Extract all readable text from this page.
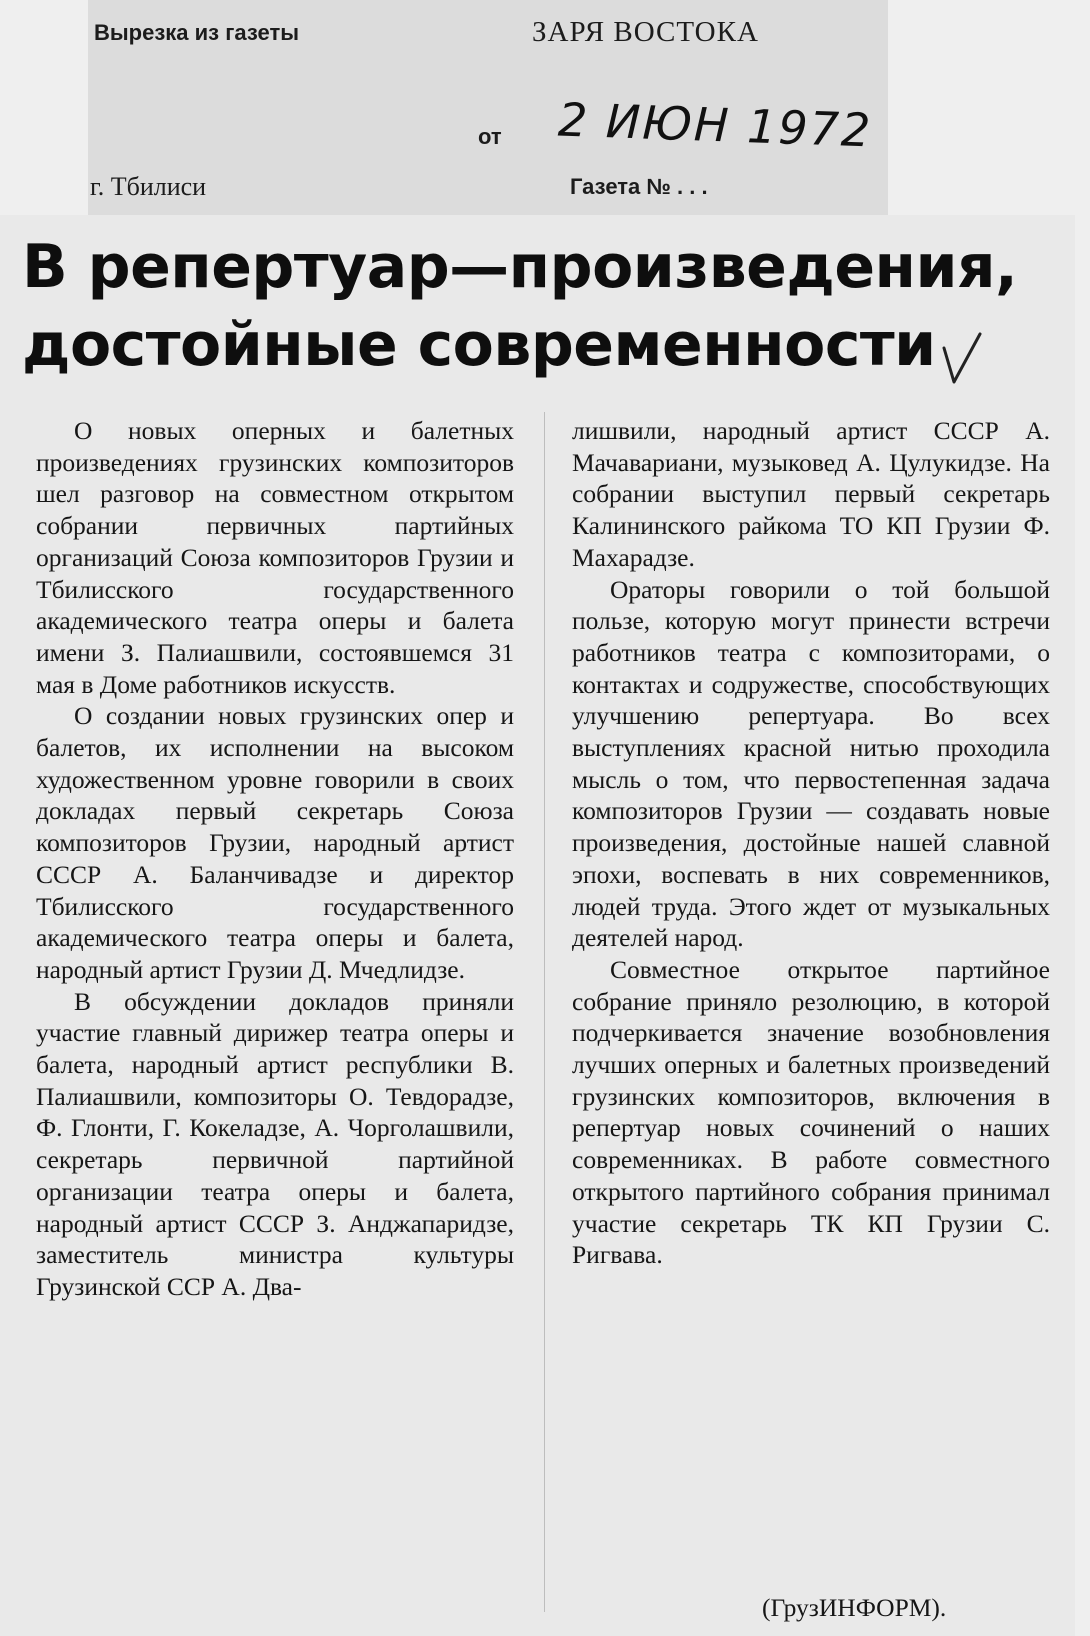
Вырезка из газеты	ЗАРЯ ВОСТОКА
от 2 ИЮН 1972
г. Тбилиси	Газета № . . .
В репертуар—произведения,
достойные современности

О новых оперных и балетных произведениях грузинских композиторов шел разговор на совместном открытом собрании первичных партийных организаций Союза композиторов Грузии и Тбилисского государственного академического театра оперы и балета имени З. Палиашвили, состоявшемся 31 мая в Доме работников искусств.

О создании новых грузинских опер и балетов, их исполнении на высоком художественном уровне говорили в своих докладах первый секретарь Союза композиторов Грузии, народный артист СССР А. Баланчивадзе и директор Тбилисского государственного академического театра оперы и балета, народный артист Грузии Д. Мчедлидзе.

В обсуждении докладов приняли участие главный дирижер театра оперы и балета, народный артист республики В. Палиашвили, композиторы О. Тевдорадзе, Ф. Глонти, Г. Кокеладзе, А. Чорголашвили, секретарь первичной партийной организации театра оперы и балета, народный артист СССР З. Анджапаридзе, заместитель министра культуры Грузинской ССР А. Два-

лишвили, народный артист СССР А. Мачавариани, музыковед А. Цулукидзе. На собрании выступил первый секретарь Калининского райкома ТО КП Грузии Ф. Махарадзе.

Ораторы говорили о той большой пользе, которую могут принести встречи работников театра с композиторами, о контактах и содружестве, способствующих улучшению репертуара. Во всех выступлениях красной нитью проходила мысль о том, что первостепенная задача композиторов Грузии — создавать новые произведения, достойные нашей славной эпохи, воспевать в них современников, людей труда. Этого ждет от музыкальных деятелей народ.

Совместное открытое партийное собрание приняло резолюцию, в которой подчеркивается значение возобновления лучших оперных и балетных произведений грузинских композиторов, включения в репертуар новых сочинений о наших современниках. В работе совместного открытого партийного собрания принимал участие секретарь ТК КП Грузии С. Ригвава.

(ГрузИНФОРМ).
